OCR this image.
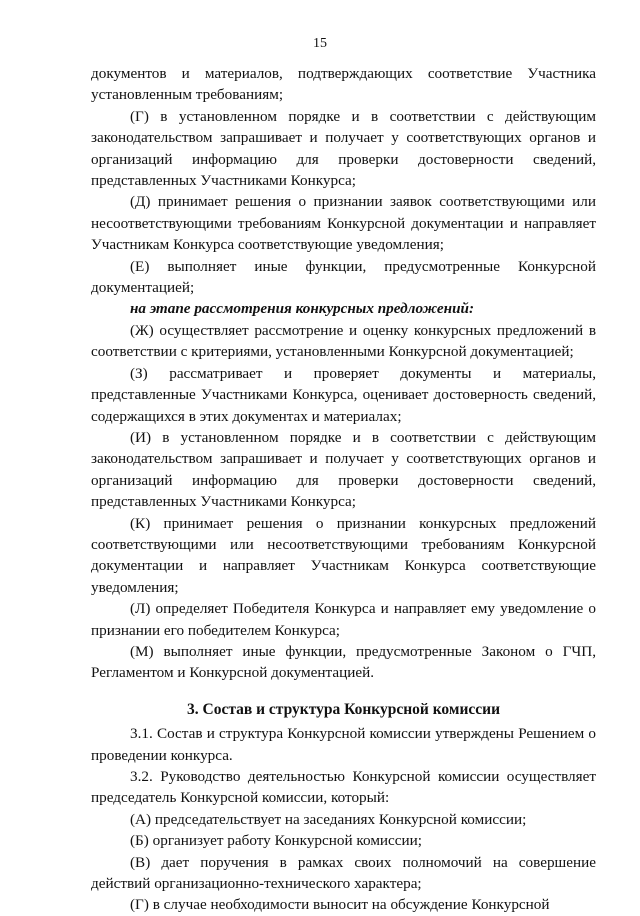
15

документов и материалов, подтверждающих соответствие Участника установленным требованиям;

(Г) в установленном порядке и в соответствии с действующим законодательством запрашивает и получает у соответствующих органов и организаций информацию для проверки достоверности сведений, представленных Участниками Конкурса;

(Д) принимает решения о признании заявок соответствующими или несоответствующими требованиям Конкурсной документации и направляет Участникам Конкурса соответствующие уведомления;

(Е) выполняет иные функции, предусмотренные Конкурсной документацией;

на этапе рассмотрения конкурсных предложений:

(Ж) осуществляет рассмотрение и оценку конкурсных предложений в соответствии с критериями, установленными Конкурсной документацией;

(З) рассматривает и проверяет документы и материалы, представленные Участниками Конкурса, оценивает достоверность сведений, содержащихся в этих документах и материалах;

(И) в установленном порядке и в соответствии с действующим законодательством запрашивает и получает у соответствующих органов и организаций информацию для проверки достоверности сведений, представленных Участниками Конкурса;

(К) принимает решения о признании конкурсных предложений соответствующими или несоответствующими требованиям Конкурсной документации и направляет Участникам Конкурса соответствующие уведомления;

(Л) определяет Победителя Конкурса и направляет ему уведомление о признании его победителем Конкурса;

(М) выполняет иные функции, предусмотренные Законом о ГЧП, Регламентом и Конкурсной документацией.

3. Состав и структура Конкурсной комиссии

3.1. Состав и структура Конкурсной комиссии утверждены Решением о проведении конкурса.

3.2. Руководство деятельностью Конкурсной комиссии осуществляет председатель Конкурсной комиссии, который:

(А) председательствует на заседаниях Конкурсной комиссии;

(Б) организует работу Конкурсной комиссии;

(В) дает поручения в рамках своих полномочий на совершение действий организационно-технического характера;

(Г) в случае необходимости выносит на обсуждение Конкурсной
